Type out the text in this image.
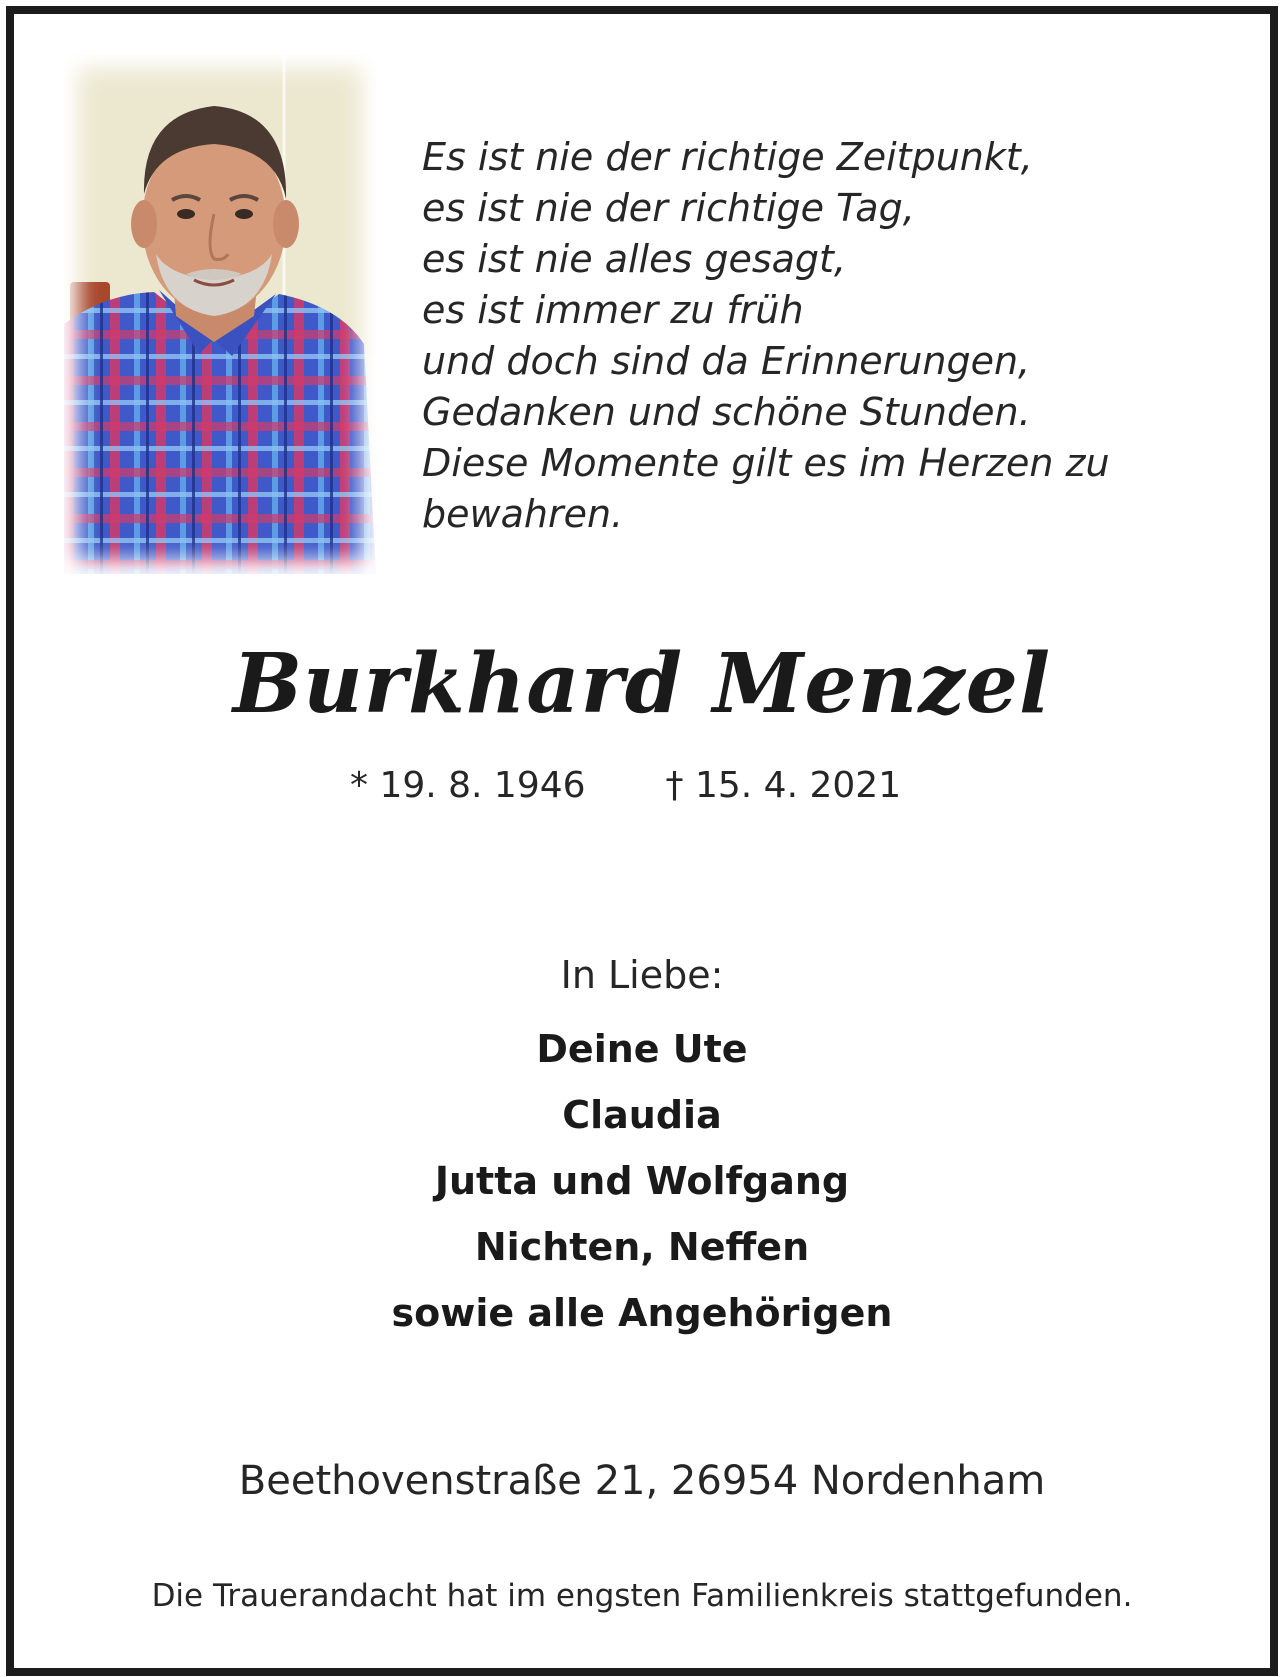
Es ist nie der richtige Zeitpunkt,
es ist nie der richtige Tag,
es ist nie alles gesagt,
es ist immer zu früh
und doch sind da Erinnerungen,
Gedanken und schöne Stunden.
Diese Momente gilt es im Herzen zu
bewahren.
Burkhard Menzel
* 19. 8. 1946 † 15. 4. 2021
In Liebe:
Deine Ute
Claudia
Jutta und Wolfgang
Nichten, Neffen
sowie alle Angehörigen
Beethovenstraße 21, 26954 Nordenham
Die Trauerandacht hat im engsten Familienkreis stattgefunden.
